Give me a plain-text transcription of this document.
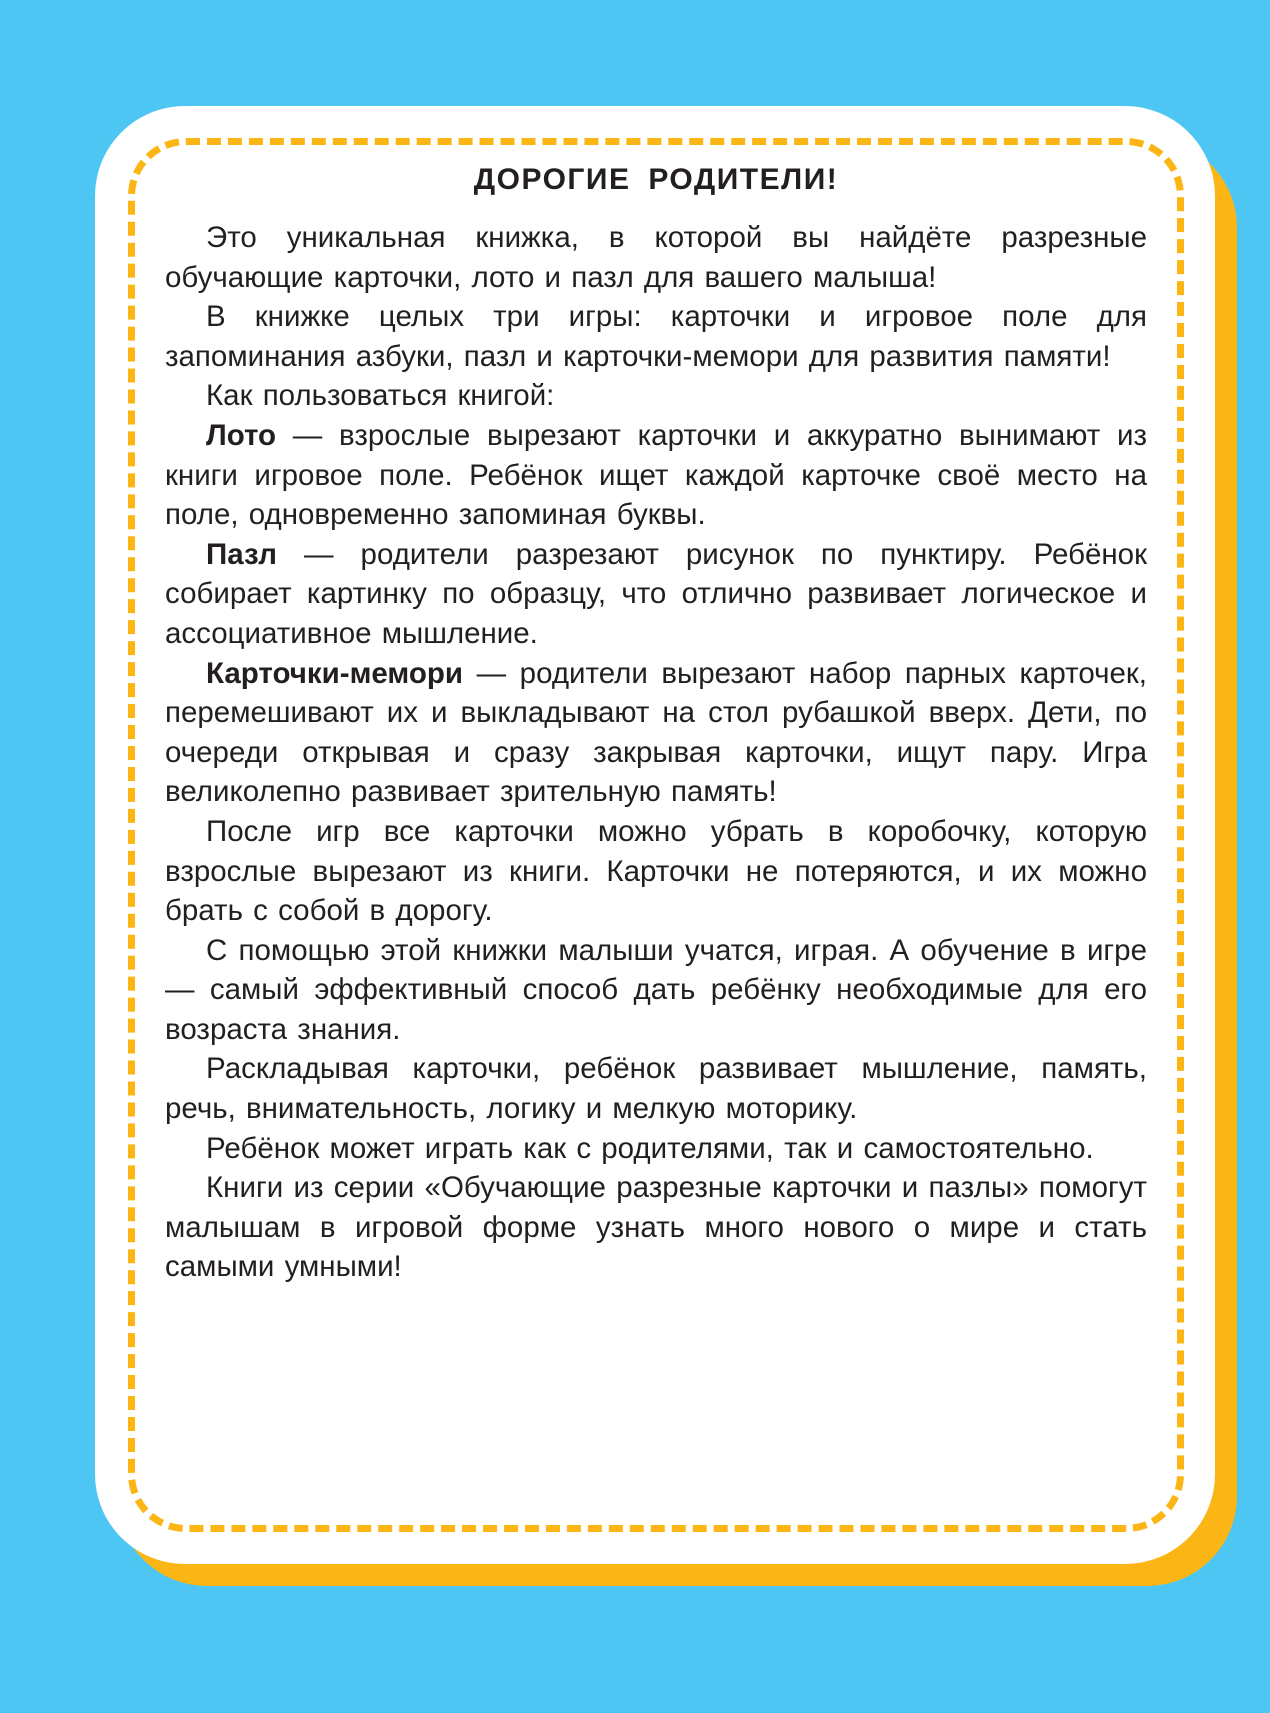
ДОРОГИЕ РОДИТЕЛИ!

Это уникальная книжка, в которой вы найдёте разрезные обучающие карточки, лото и пазл для вашего малыша!

В книжке целых три игры: карточки и игровое поле для запоминания азбуки, пазл и карточки-мемори для развития памяти!

Как пользоваться книгой:

Лото — взрослые вырезают карточки и аккуратно вынимают из книги игровое поле. Ребёнок ищет каждой карточке своё место на поле, одновременно запоминая буквы.

Пазл — родители разрезают рисунок по пунктиру. Ребёнок собирает картинку по образцу, что отлично развивает логическое и ассоциативное мышление.

Карточки-мемори — родители вырезают набор парных карточек, перемешивают их и выкладывают на стол рубашкой вверх. Дети, по очереди открывая и сразу закрывая карточки, ищут пару. Игра великолепно развивает зрительную память!

После игр все карточки можно убрать в коробочку, которую взрослые вырезают из книги. Карточки не потеряются, и их можно брать с собой в дорогу.

С помощью этой книжки малыши учатся, играя. А обучение в игре — самый эффективный способ дать ребёнку необходимые для его возраста знания.

Раскладывая карточки, ребёнок развивает мышление, память, речь, внимательность, логику и мелкую моторику.

Ребёнок может играть как с родителями, так и самостоятельно.

Книги из серии «Обучающие разрезные карточки и пазлы» помогут малышам в игровой форме узнать много нового о мире и стать самыми умными!
